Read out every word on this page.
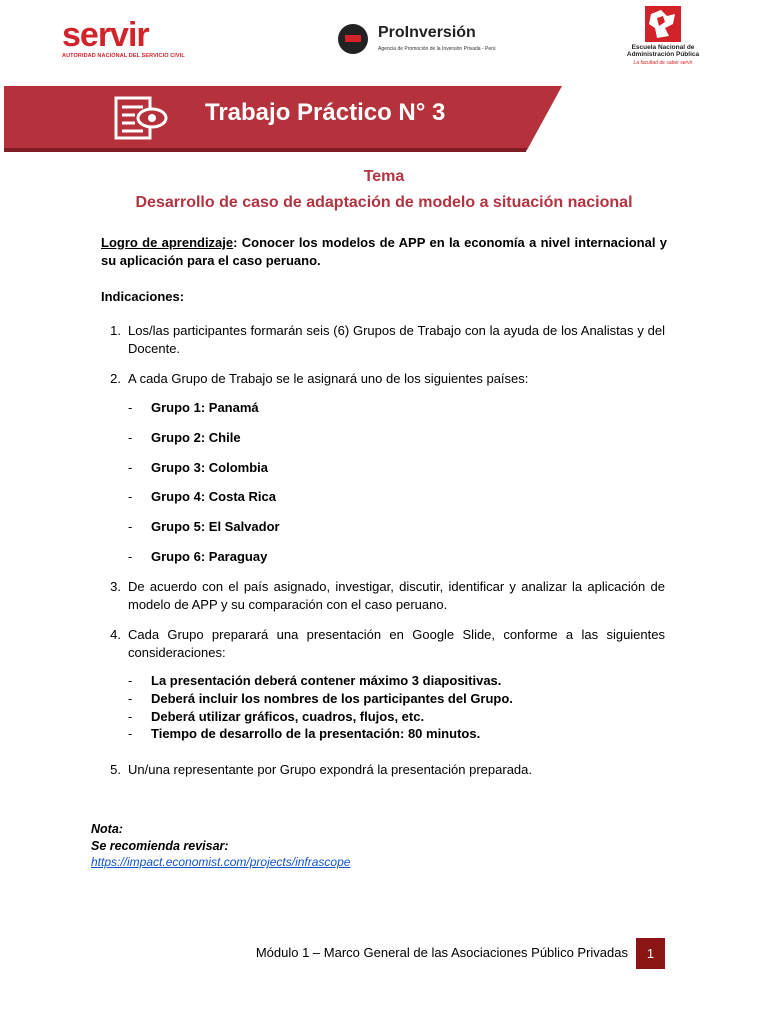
servir
AUTORIDAD NACIONAL DEL SERVICIO CIVIL
ProInversión
Agencia de Promoción de la Inversión Privada - Perú	Escuela Nacional de
Administración Pública
La facultad de saber servir
Trabajo Práctico N° 3
Tema
Desarrollo de caso de adaptación de modelo a situación nacional
Logro de aprendizaje: Conocer los modelos de APP en la economía a nivel internacional y su aplicación para el caso peruano.
Indicaciones:
1. Los/las participantes formarán seis (6) Grupos de Trabajo con la ayuda de los Analistas y del Docente.
2. A cada Grupo de Trabajo se le asignará uno de los siguientes países:
- Grupo 1: Panamá
- Grupo 2: Chile
- Grupo 3: Colombia
- Grupo 4: Costa Rica
- Grupo 5: El Salvador
- Grupo 6: Paraguay
3. De acuerdo con el país asignado, investigar, discutir, identificar y analizar la aplicación de modelo de APP y su comparación con el caso peruano.
4. Cada Grupo preparará una presentación en Google Slide, conforme a las siguientes consideraciones:
- La presentación deberá contener máximo 3 diapositivas.
- Deberá incluir los nombres de los participantes del Grupo.
- Deberá utilizar gráficos, cuadros, flujos, etc.
- Tiempo de desarrollo de la presentación: 80 minutos.
5. Un/una representante por Grupo expondrá la presentación preparada.
Nota:
Se recomienda revisar:
https://impact.economist.com/projects/infrascope
Módulo 1 – Marco General de las Asociaciones Público Privadas	1
